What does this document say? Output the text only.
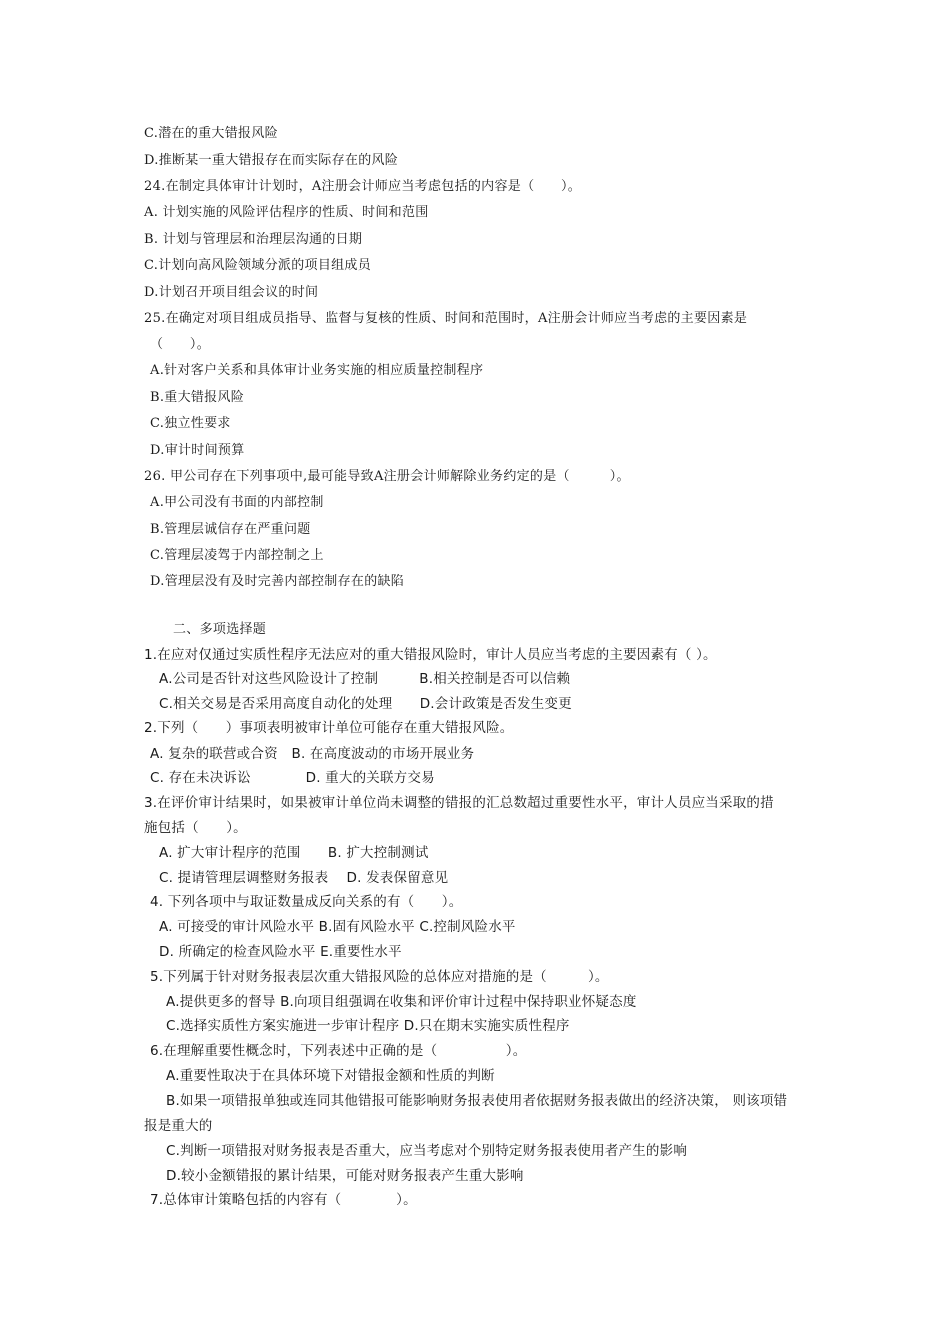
C.潜在的重大错报风险
D.推断某一重大错报存在而实际存在的风险
24.在制定具体审计计划时，A注册会计师应当考虑包括的内容是（　　）。
A. 计划实施的风险评估程序的性质、时间和范围
B. 计划与管理层和治理层沟通的日期
C.计划向高风险领域分派的项目组成员
D.计划召开项目组会议的时间
25.在确定对项目组成员指导、监督与复核的性质、时间和范围时，A注册会计师应当考虑的主要因素是
（　　）。
A.针对客户关系和具体审计业务实施的相应质量控制程序
B.重大错报风险
C.独立性要求
D.审计时间预算
26. 甲公司存在下列事项中,最可能导致A注册会计师解除业务约定的是（　　　）。
A.甲公司没有书面的内部控制
B.管理层诚信存在严重问题
C.管理层凌驾于内部控制之上
D.管理层没有及时完善内部控制存在的缺陷
二、多项选择题
1.在应对仅通过实质性程序无法应对的重大错报风险时，审计人员应当考虑的主要因素有（ ）。
A.公司是否针对这些风险设计了控制　　　B.相关控制是否可以信赖
C.相关交易是否采用高度自动化的处理　　D.会计政策是否发生变更
2.下列（　　）事项表明被审计单位可能存在重大错报风险。
A. 复杂的联营或合资　B. 在高度波动的市场开展业务
C. 存在未决诉讼　　　　D. 重大的关联方交易
3.在评价审计结果时，如果被审计单位尚未调整的错报的汇总数超过重要性水平，审计人员应当采取的措
施包括（　　）。
A. 扩大审计程序的范围　　B. 扩大控制测试
C. 提请管理层调整财务报表　 D. 发表保留意见
4. 下列各项中与取证数量成反向关系的有（　　）。
A. 可接受的审计风险水平 B.固有风险水平 C.控制风险水平
D. 所确定的检查风险水平 E.重要性水平
5.下列属于针对财务报表层次重大错报风险的总体应对措施的是（　　　）。
A.提供更多的督导 B.向项目组强调在收集和评价审计过程中保持职业怀疑态度
C.选择实质性方案实施进一步审计程序 D.只在期末实施实质性程序
6.在理解重要性概念时，下列表述中正确的是（　　　　　）。
A.重要性取决于在具体环境下对错报金额和性质的判断
B.如果一项错报单独或连同其他错报可能影响财务报表使用者依据财务报表做出的经济决策， 则该项错
报是重大的
C.判断一项错报对财务报表是否重大，应当考虑对个别特定财务报表使用者产生的影响
D.较小金额错报的累计结果，可能对财务报表产生重大影响
7.总体审计策略包括的内容有（　　　　）。
